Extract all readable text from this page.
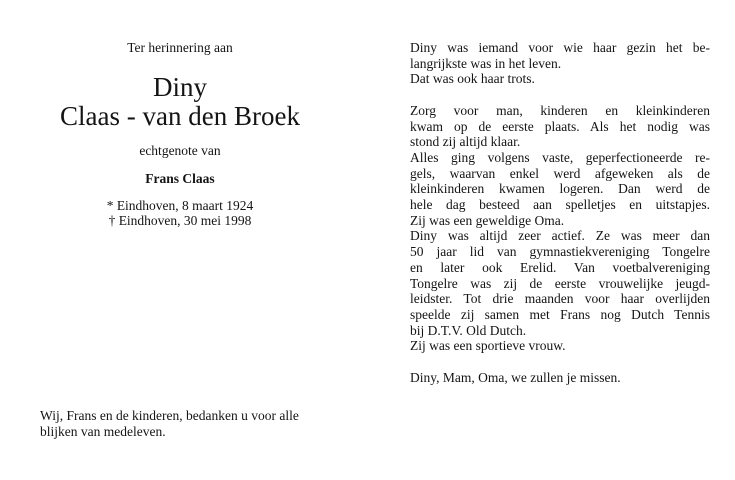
Ter herinnering aan
Diny
Claas - van den Broek
echtgenote van
Frans Claas
* Eindhoven, 8 maart 1924
† Eindhoven, 30 mei 1998
Wij, Frans en de kinderen, bedanken u voor alle
blijken van medeleven.
Diny was iemand voor wie haar gezin het be-
langrijkste was in het leven.
Dat was ook haar trots.
Zorg voor man, kinderen en kleinkinderen
kwam op de eerste plaats. Als het nodig was
stond zij altijd klaar.
Alles ging volgens vaste, geperfectioneerde re-
gels, waarvan enkel werd afgeweken als de
kleinkinderen kwamen logeren. Dan werd de
hele dag besteed aan spelletjes en uitstapjes.
Zij was een geweldige Oma.
Diny was altijd zeer actief. Ze was meer dan
50 jaar lid van gymnastiekvereniging Tongelre
en later ook Erelid. Van voetbalvereniging
Tongelre was zij de eerste vrouwelijke jeugd-
leidster. Tot drie maanden voor haar overlijden
speelde zij samen met Frans nog Dutch Tennis
bij D.T.V. Old Dutch.
Zij was een sportieve vrouw.
Diny, Mam, Oma, we zullen je missen.
